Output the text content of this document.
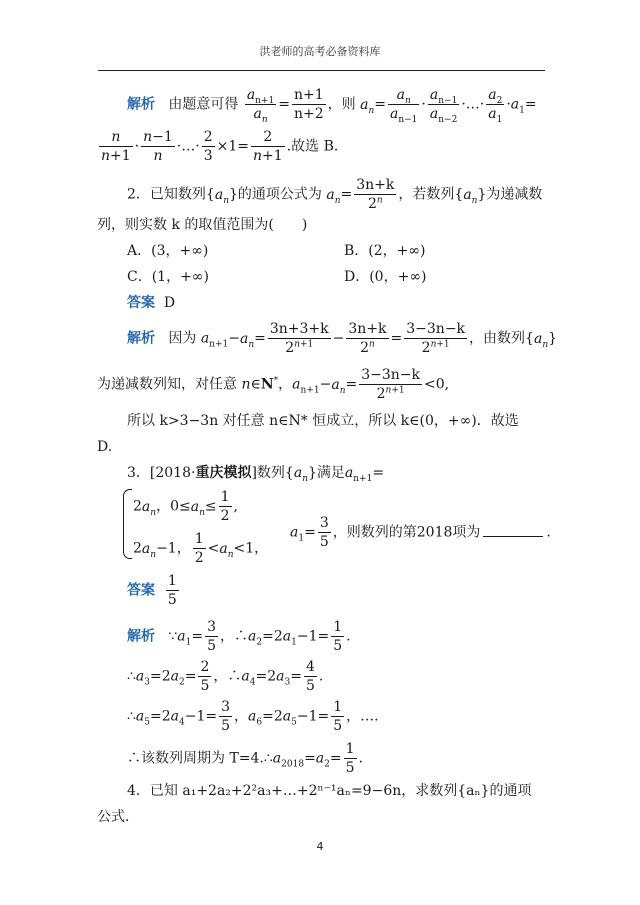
洪老师的高考必备资料库
解析 由题意可得 $\frac{a_{n+1}}{a_n} = \frac{n+1}{n+2}$ ，则 $a_n= \frac{a_n}{a_{n-1}} \cdot \frac{a_{n-1}}{a_{n-2}}$ ·…· $\frac{a_2}{a_1} \cdot a_1=$
$\frac{n}{n+1} \cdot \frac{n-1}{n}$ ·…· $\frac{2}{3} \times 1= \frac{2}{n+1}$ .故选 B.
2．已知数列$\{a_n\}$的通项公式为 $a_n= \frac{3n+k}{2^n}$ ，若数列$\{a_n\}$为递减数
列，则实数 k 的取值范围为(　　)
A．(3，+∞)	B．(2，+∞)
C．(1，+∞)	D．(0，+∞)
答案 D
解析 因为 $a_{n+1}-a_n= \frac{3n+3+k}{2^{n+1}} - \frac{3n+k}{2^n} = \frac{3-3n-k}{2^{n+1}}$ ，由数列$\{a_n\}$
为递减数列知，对任意 n∈N*，$a_{n+1}-a_n= \frac{3-3n-k}{2^{n+1}} <0$,
所以 k>3−3n 对任意 n∈N* 恒成立，所以 k∈(0，+∞)．故选
D.
3．[2018·重庆模拟]数列$\{a_n\}$满足$a_{n+1}=$
$2a_n$，$0\le a_n\le \frac{1}{2}$ ,
$2a_n-1$， $\frac{1}{2} <a_n<1$，
$a_1= \frac{3}{5}$ ，则数列的第2018项为	.
答案 $\frac{1}{5}$
解析 $\because a_1= \frac{3}{5}$ ，$\therefore a_2=2a_1-1= \frac{1}{5}$ .
$\therefore a_3=2a_2= \frac{2}{5}$ ，$\therefore a_4=2a_3= \frac{4}{5}$ .
$\therefore a_5=2a_4-1= \frac{3}{5}$ ，$a_6=2a_5-1= \frac{1}{5}$ ，….
∴该数列周期为 $T=4.\therefore a_{2018}=a_2= \frac{1}{5}$ .
4．已知 a₁+2a₂+2²a₃+…+2ⁿ⁻¹aₙ=9−6n，求数列{aₙ}的通项
公式.
4
